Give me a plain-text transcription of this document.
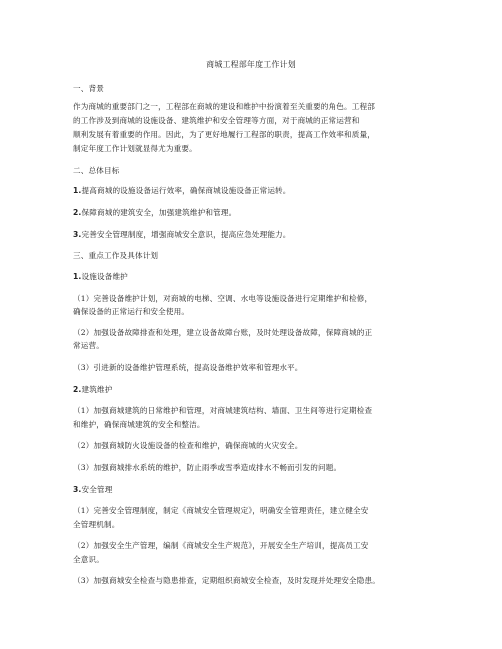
商城工程部年度工作计划

一、背景

作为商城的重要部门之一，工程部在商城的建设和维护中扮演着至关重要的角色。工程部

的工作涉及到商城的设施设备、建筑维护和安全管理等方面，对于商城的正常运营和

顺利发展有着重要的作用。因此，为了更好地履行工程部的职责，提高工作效率和质量，

制定年度工作计划就显得尤为重要。

二、总体目标

1.提高商城的设施设备运行效率，确保商城设施设备正常运转。

2.保障商城的建筑安全，加强建筑维护和管理。

3.完善安全管理制度，增强商城安全意识，提高应急处理能力。

三、重点工作及具体计划

1.设施设备维护

（1）完善设备维护计划，对商城的电梯、空调、水电等设施设备进行定期维护和检修，

确保设备的正常运行和安全使用。

（2）加强设备故障排查和处理，建立设备故障台账，及时处理设备故障，保障商城的正

常运营。

（3）引进新的设备维护管理系统，提高设备维护效率和管理水平。

2.建筑维护

（1）加强商城建筑的日常维护和管理，对商城建筑结构、墙面、卫生间等进行定期检查

和维护，确保商城建筑的安全和整洁。

（2）加强商城防火设施设备的检查和维护，确保商城的火灾安全。

（3）加强商城排水系统的维护，防止雨季或雪季造成排水不畅而引发的问题。

3.安全管理

（1）完善安全管理制度，制定《商城安全管理规定》，明确安全管理责任，建立健全安

全管理机制。

（2）加强安全生产管理，编制《商城安全生产规范》，开展安全生产培训，提高员工安

全意识。

（3）加强商城安全检查与隐患排查，定期组织商城安全检查，及时发现并处理安全隐患。
